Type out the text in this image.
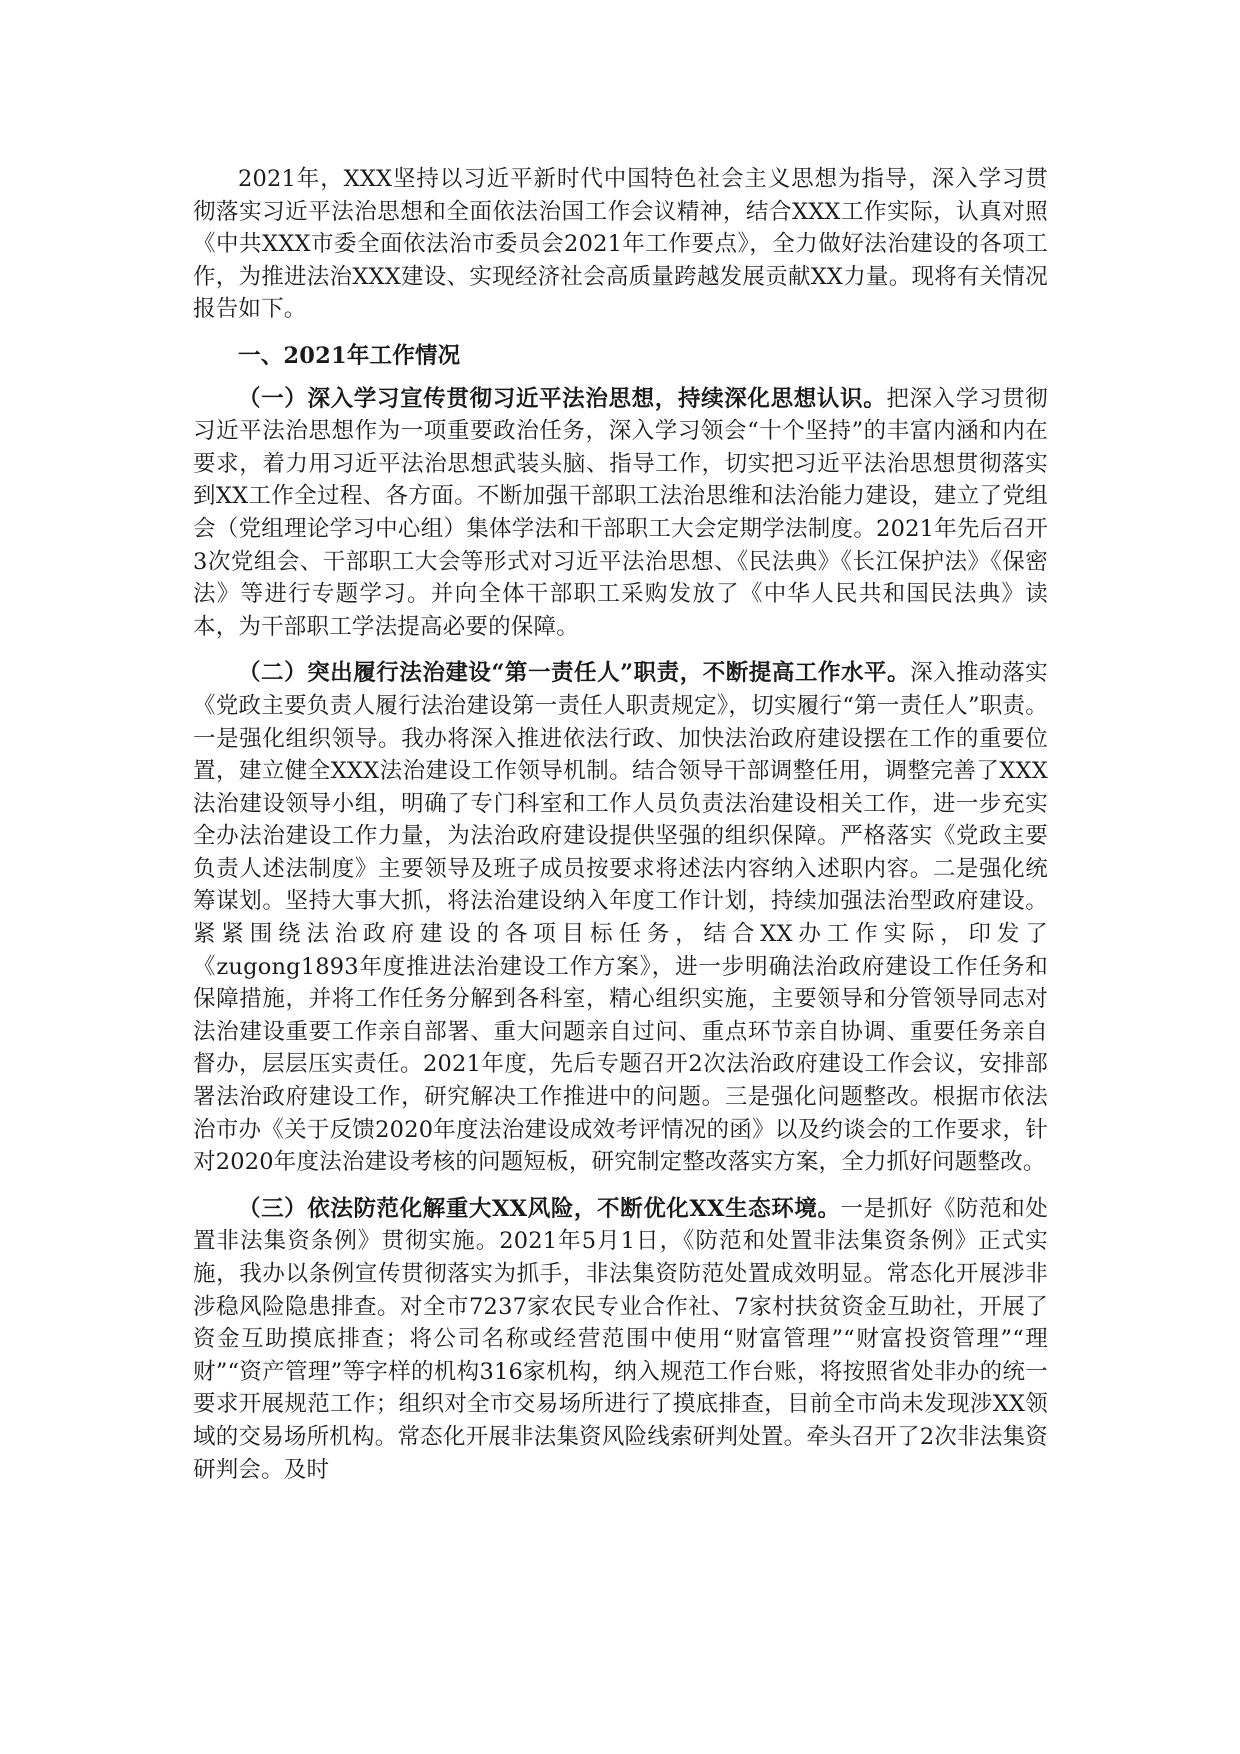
2021年，XXX坚持以习近平新时代中国特色社会主义思想为指导，深入学习贯彻落实习近平法治思想和全面依法治国工作会议精神，结合XXX工作实际，认真对照《中共XXX市委全面依法治市委员会2021年工作要点》，全力做好法治建设的各项工作，为推进法治XXX建设、实现经济社会高质量跨越发展贡献XX力量。现将有关情况报告如下。

一、2021年工作情况

（一）深入学习宣传贯彻习近平法治思想，持续深化思想认识。把深入学习贯彻习近平法治思想作为一项重要政治任务，深入学习领会“十个坚持”的丰富内涵和内在要求，着力用习近平法治思想武装头脑、指导工作，切实把习近平法治思想贯彻落实到XX工作全过程、各方面。不断加强干部职工法治思维和法治能力建设，建立了党组会（党组理论学习中心组）集体学法和干部职工大会定期学法制度。2021年先后召开3次党组会、干部职工大会等形式对习近平法治思想、《民法典》《长江保护法》《保密法》等进行专题学习。并向全体干部职工采购发放了《中华人民共和国民法典》读本，为干部职工学法提高必要的保障。

（二）突出履行法治建设“第一责任人”职责，不断提高工作水平。深入推动落实《党政主要负责人履行法治建设第一责任人职责规定》，切实履行“第一责任人”职责。一是强化组织领导。我办将深入推进依法行政、加快法治政府建设摆在工作的重要位置，建立健全XXX法治建设工作领导机制。结合领导干部调整任用，调整完善了XXX法治建设领导小组，明确了专门科室和工作人员负责法治建设相关工作，进一步充实全办法治建设工作力量，为法治政府建设提供坚强的组织保障。严格落实《党政主要负责人述法制度》主要领导及班子成员按要求将述法内容纳入述职内容。二是强化统筹谋划。坚持大事大抓，将法治建设纳入年度工作计划，持续加强法治型政府建设。紧紧围绕法治政府建设的各项目标任务，结合XX办工作实际，印发了《zugong1893年度推进法治建设工作方案》，进一步明确法治政府建设工作任务和保障措施，并将工作任务分解到各科室，精心组织实施，主要领导和分管领导同志对法治建设重要工作亲自部署、重大问题亲自过问、重点环节亲自协调、重要任务亲自督办，层层压实责任。2021年度，先后专题召开2次法治政府建设工作会议，安排部署法治政府建设工作，研究解决工作推进中的问题。三是强化问题整改。根据市依法治市办《关于反馈2020年度法治建设成效考评情况的函》以及约谈会的工作要求，针对2020年度法治建设考核的问题短板，研究制定整改落实方案，全力抓好问题整改。

（三）依法防范化解重大XX风险，不断优化XX生态环境。一是抓好《防范和处置非法集资条例》贯彻实施。2021年5月1日，《防范和处置非法集资条例》正式实施，我办以条例宣传贯彻落实为抓手，非法集资防范处置成效明显。常态化开展涉非涉稳风险隐患排查。对全市7237家农民专业合作社、7家村扶贫资金互助社，开展了资金互助摸底排查；将公司名称或经营范围中使用“财富管理”“财富投资管理”“理财”“资产管理”等字样的机构316家机构，纳入规范工作台账，将按照省处非办的统一要求开展规范工作；组织对全市交易场所进行了摸底排查，目前全市尚未发现涉XX领域的交易场所机构。常态化开展非法集资风险线索研判处置。牵头召开了2次非法集资研判会。及时
